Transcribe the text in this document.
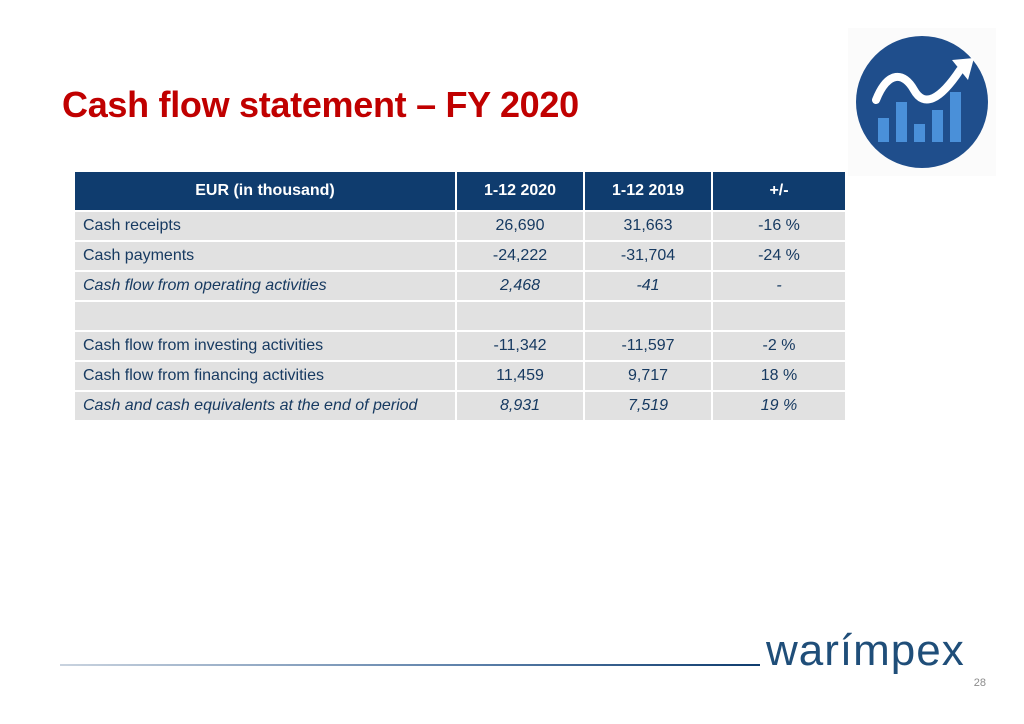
Cash flow statement – FY 2020
EUR (in thousand)	1-12 2020	1-12 2019	+/-
Cash receipts	26,690	31,663	-16 %
Cash payments	-24,222	-31,704	-24 %
Cash flow from operating activities	2,468	-41	-

Cash flow from investing activities	-11,342	-11,597	-2 %
Cash flow from financing activities	11,459	9,717	18 %
Cash and cash equivalents at the end of period	8,931	7,519	19 %
warímpex
28
